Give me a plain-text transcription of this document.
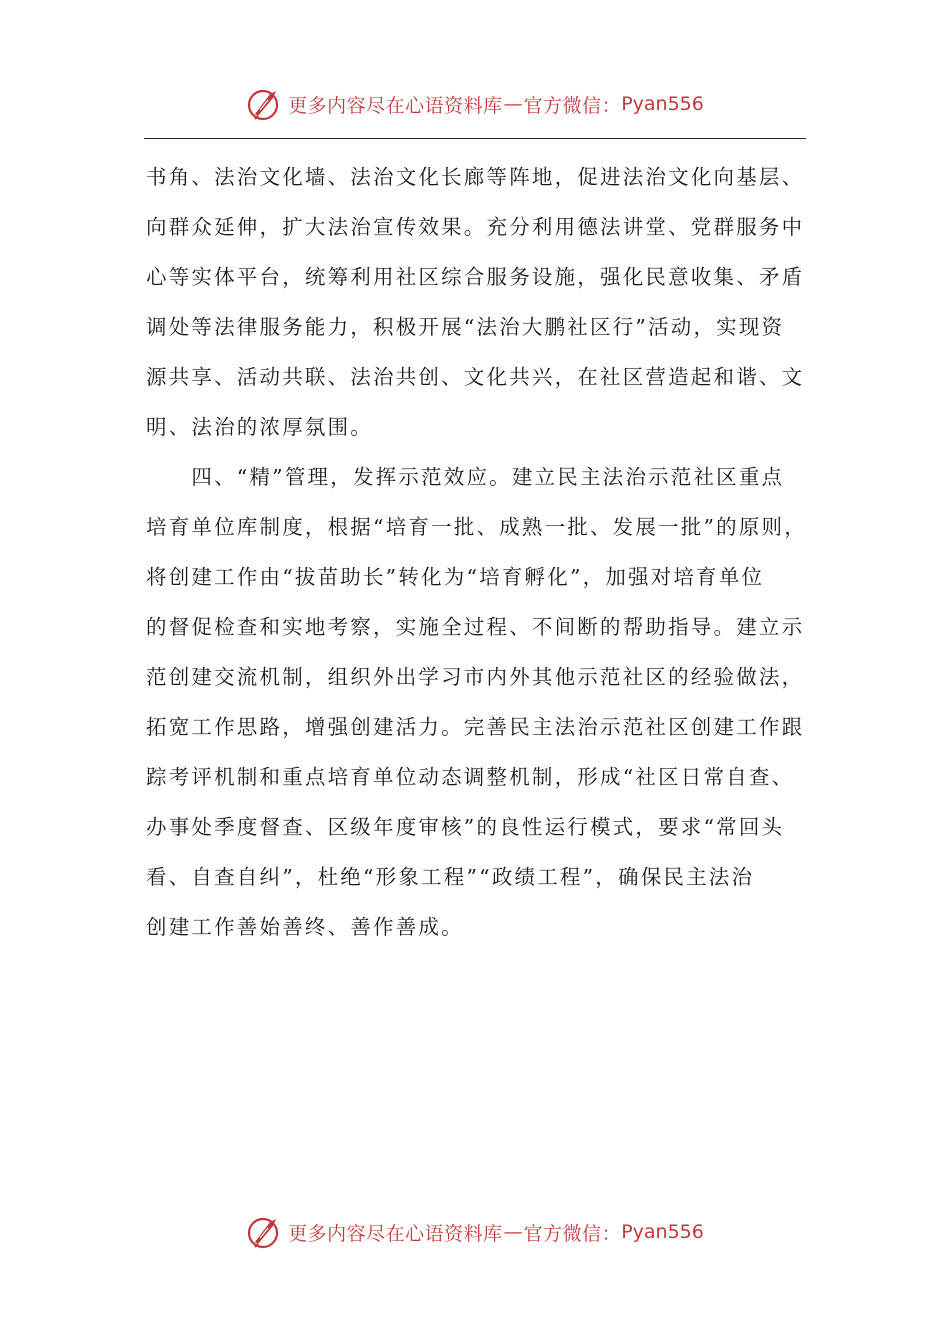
更多内容尽在心语资料库 — 官方微信： Pyan556
书角、法治文化墙、法治文化长廊等阵地，促进法治文化向基层、
向群众延伸，扩大法治宣传效果。充分利用德法讲堂、党群服务中
心等实体平台，统筹利用社区综合服务设施，强化民意收集、矛盾
调处等法律服务能力，积极开展“法治大鹏社区行”活动，实现资
源共享、活动共联、法治共创、文化共兴，在社区营造起和谐、文
明、法治的浓厚氛围。
　　四、“精”管理，发挥示范效应。建立民主法治示范社区重点
培育单位库制度，根据“培育一批、成熟一批、发展一批”的原则，
将创建工作由“拔苗助长”转化为“培育孵化”，加强对培育单位
的督促检查和实地考察，实施全过程、不间断的帮助指导。建立示
范创建交流机制，组织外出学习市内外其他示范社区的经验做法，
拓宽工作思路，增强创建活力。完善民主法治示范社区创建工作跟
踪考评机制和重点培育单位动态调整机制，形成“社区日常自查、
办事处季度督查、区级年度审核”的良性运行模式，要求“常回头
看、自查自纠”，杜绝“形象工程”“政绩工程”，确保民主法治
创建工作善始善终、善作善成。
更多内容尽在心语资料库 — 官方微信： Pyan556
